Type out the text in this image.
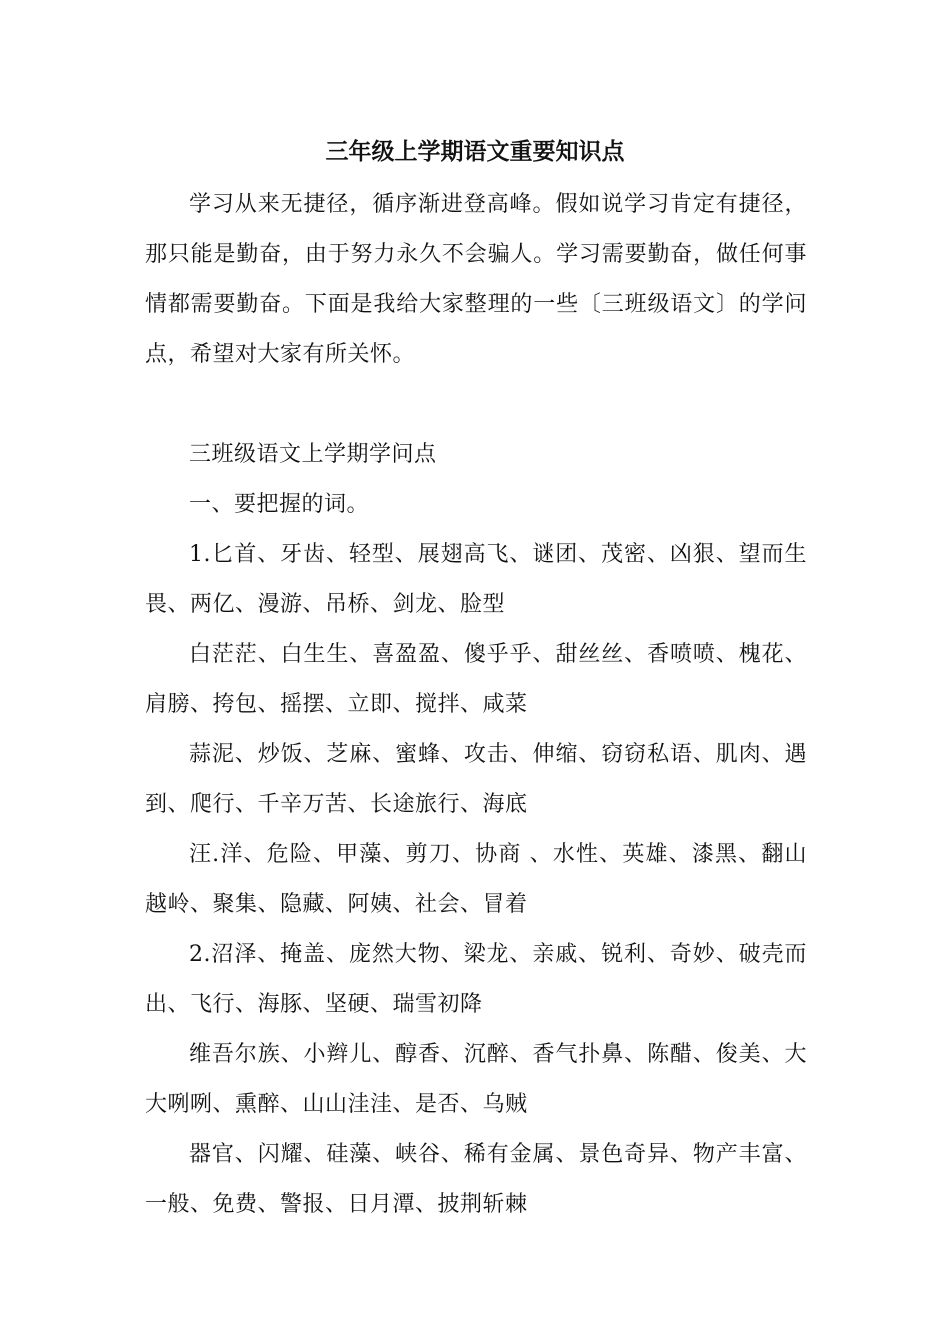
三年级上学期语文重要知识点

学习从来无捷径，循序渐进登高峰。假如说学习肯定有捷径，那只能是勤奋，由于努力永久不会骗人。学习需要勤奋，做任何事情都需要勤奋。下面是我给大家整理的一些〔三班级语文〕的学问点，希望对大家有所关怀。

三班级语文上学期学问点

一、要把握的词。

1.匕首、牙齿、轻型、展翅高飞、谜团、茂密、凶狠、望而生畏、两亿、漫游、吊桥、剑龙、脸型

白茫茫、白生生、喜盈盈、傻乎乎、甜丝丝、香喷喷、槐花、肩膀、挎包、摇摆、立即、搅拌、咸菜

蒜泥、炒饭、芝麻、蜜蜂、攻击、伸缩、窃窃私语、肌肉、遇到、爬行、千辛万苦、长途旅行、海底

汪.洋、危险、甲藻、剪刀、协商 、水性、英雄、漆黑、翻山越岭、聚集、隐藏、阿姨、社会、冒着

2.沼泽、掩盖、庞然大物、梁龙、亲戚、锐利、奇妙、破壳而出、飞行、海豚、坚硬、瑞雪初降

维吾尔族、小辫儿、醇香、沉醉、香气扑鼻、陈醋、俊美、大大咧咧、熏醉、山山洼洼、是否、乌贼

器官、闪耀、硅藻、峡谷、稀有金属、景色奇异、物产丰富、一般、免费、警报、日月潭、披荆斩棘
